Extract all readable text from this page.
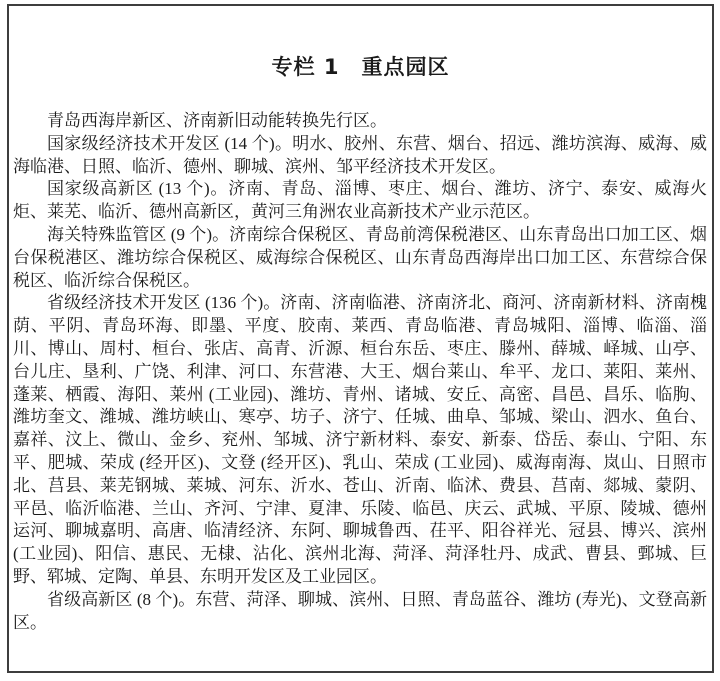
专栏 1　重点园区

青岛西海岸新区、济南新旧动能转换先行区。

国家级经济技术开发区 (14 个)。明水、胶州、东营、烟台、招远、潍坊滨海、威海、威海临港、日照、临沂、德州、聊城、滨州、邹平经济技术开发区。

国家级高新区 (13 个)。济南、青岛、淄博、枣庄、烟台、潍坊、济宁、泰安、威海火炬、莱芜、临沂、德州高新区，黄河三角洲农业高新技术产业示范区。

海关特殊监管区 (9 个)。济南综合保税区、青岛前湾保税港区、山东青岛出口加工区、烟台保税港区、潍坊综合保税区、威海综合保税区、山东青岛西海岸出口加工区、东营综合保税区、临沂综合保税区。

省级经济技术开发区 (136 个)。济南、济南临港、济南济北、商河、济南新材料、济南槐荫、平阴、青岛环海、即墨、平度、胶南、莱西、青岛临港、青岛城阳、淄博、临淄、淄川、博山、周村、桓台、张店、高青、沂源、桓台东岳、枣庄、滕州、薛城、峄城、山亭、台儿庄、垦利、广饶、利津、河口、东营港、大王、烟台莱山、牟平、龙口、莱阳、莱州、蓬莱、栖霞、海阳、莱州 (工业园)、潍坊、青州、诸城、安丘、高密、昌邑、昌乐、临朐、潍坊奎文、潍城、潍坊峡山、寒亭、坊子、济宁、任城、曲阜、邹城、梁山、泗水、鱼台、嘉祥、汶上、微山、金乡、兖州、邹城、济宁新材料、泰安、新泰、岱岳、泰山、宁阳、东平、肥城、荣成 (经开区)、文登 (经开区)、乳山、荣成 (工业园)、威海南海、岚山、日照市北、莒县、莱芜钢城、莱城、河东、沂水、苍山、沂南、临沭、费县、莒南、郯城、蒙阴、平邑、临沂临港、兰山、齐河、宁津、夏津、乐陵、临邑、庆云、武城、平原、陵城、德州运河、聊城嘉明、高唐、临清经济、东阿、聊城鲁西、茌平、阳谷祥光、冠县、博兴、滨州 (工业园)、阳信、惠民、无棣、沾化、滨州北海、菏泽、菏泽牡丹、成武、曹县、鄄城、巨野、郓城、定陶、单县、东明开发区及工业园区。

省级高新区 (8 个)。东营、菏泽、聊城、滨州、日照、青岛蓝谷、潍坊 (寿光)、文登高新区。
